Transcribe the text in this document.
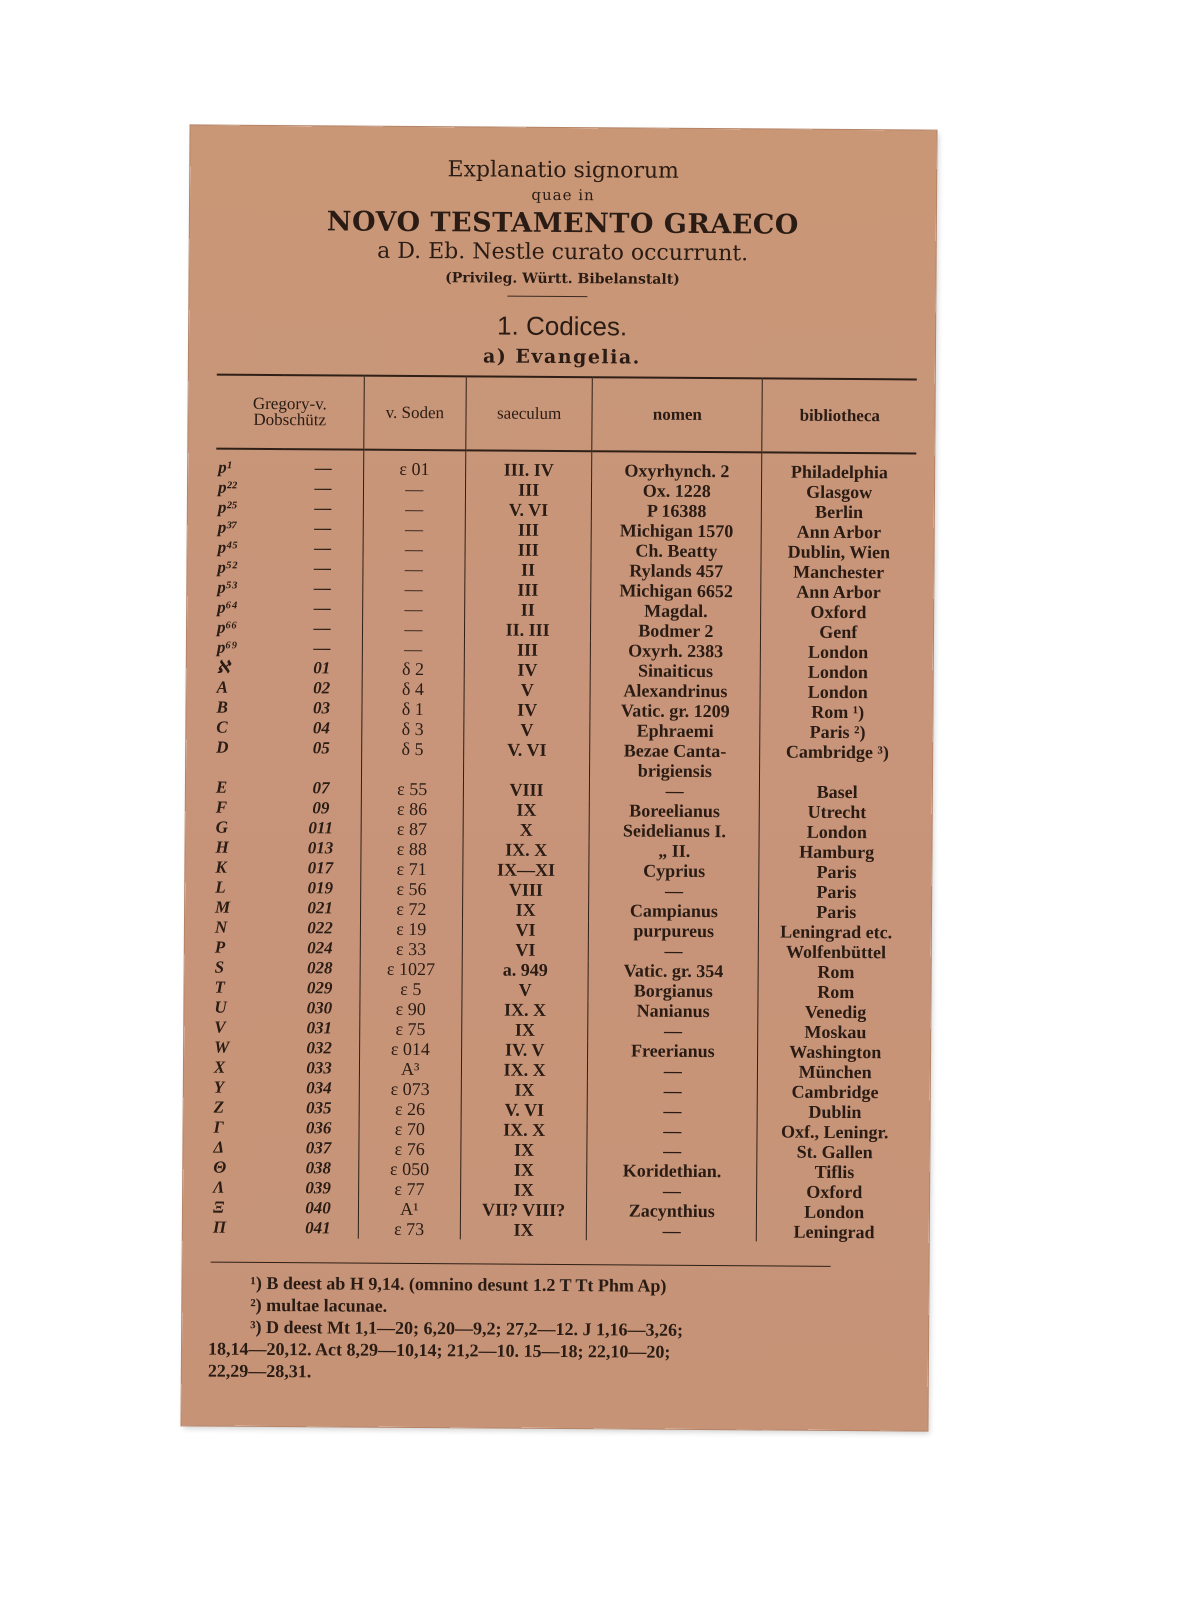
Explanatio signorum
quae in
NOVO TESTAMENTO GRAECO
a D. Eb. Nestle curato occurrunt.
(Privileg. Württ. Bibelanstalt)
1. Codices.
a) Evangelia.
Gregory-v. Dobschütz		v. Soden	saeculum	nomen	bibliotheca
p¹	—	ε 01	III. IV	Oxyrhynch. 2	Philadelphia
p²²	—	—	III	Ox. 1228	Glasgow
p²⁵	—	—	V. VI	P 16388	Berlin
p³⁷	—	—	III	Michigan 1570	Ann Arbor
p⁴⁵	—	—	III	Ch. Beatty	Dublin, Wien
p⁵²	—	—	II	Rylands 457	Manchester
p⁵³	—	—	III	Michigan 6652	Ann Arbor
p⁶⁴	—	—	II	Magdal.	Oxford
p⁶⁶	—	—	II. III	Bodmer 2	Genf
p⁶⁹	—	—	III	Oxyrh. 2383	London
ℵ	01	δ 2	IV	Sinaiticus	London
A	02	δ 4	V	Alexandrinus	London
B	03	δ 1	IV	Vatic. gr. 1209	Rom ¹)
C	04	δ 3	V	Ephraemi	Paris ²)
D	05	δ 5	V. VI	Bezae Canta-	Cambridge ³)
				brigiensis	
E	07	ε 55	VIII	—	Basel
F	09	ε 86	IX	Boreelianus	Utrecht
G	011	ε 87	X	Seidelianus I.	London
H	013	ε 88	IX. X	„ II.	Hamburg
K	017	ε 71	IX—XI	Cyprius	Paris
L	019	ε 56	VIII	—	Paris
M	021	ε 72	IX	Campianus	Paris
N	022	ε 19	VI	purpureus	Leningrad etc.
P	024	ε 33	VI	—	Wolfenbüttel
S	028	ε 1027	a. 949	Vatic. gr. 354	Rom
T	029	ε 5	V	Borgianus	Rom
U	030	ε 90	IX. X	Nanianus	Venedig
V	031	ε 75	IX	—	Moskau
W	032	ε 014	IV. V	Freerianus	Washington
X	033	A³	IX. X	—	München
Y	034	ε 073	IX	—	Cambridge
Z	035	ε 26	V. VI	—	Dublin
Γ	036	ε 70	IX. X	—	Oxf., Leningr.
Δ	037	ε 76	IX	—	St. Gallen
Θ	038	ε 050	IX	Koridethian.	Tiflis
Λ	039	ε 77	IX	—	Oxford
Ξ	040	A¹	VII? VIII?	Zacynthius	London
Π	041	ε 73	IX	—	Leningrad
¹) B deest ab H 9,14. (omnino desunt 1.2 T Tt Phm Ap)
²) multae lacunae.
³) D deest Mt 1,1—20; 6,20—9,2; 27,2—12. J 1,16—3,26;
18,14—20,12. Act 8,29—10,14; 21,2—10. 15—18; 22,10—20;
22,29—28,31.
